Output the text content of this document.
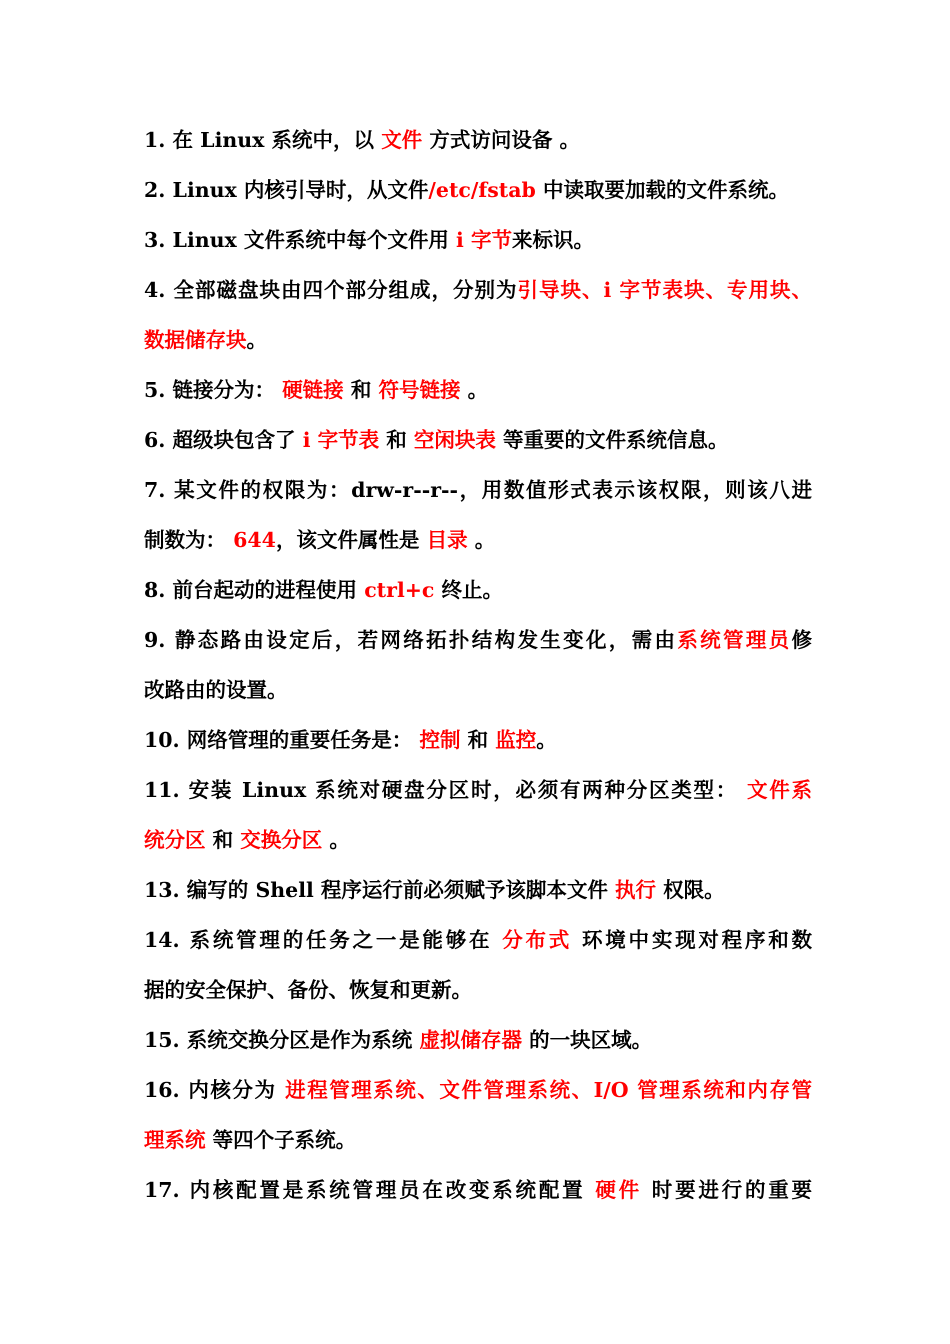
1. 在 Linux 系统中，以 文件 方式访问设备 。
2. Linux 内核引导时，从文件/etc/fstab 中读取要加载的文件系统。
3. Linux 文件系统中每个文件用 i 字节来标识。
4. 全部磁盘块由四个部分组成，分别为引导块、i 字节表块、专用块、
数据储存块。
5. 链接分为： 硬链接 和 符号链接 。
6. 超级块包含了 i 字节表 和 空闲块表 等重要的文件系统信息。
7. 某文件的权限为：drw-r--r--，用数值形式表示该权限，则该八进
制数为： 644，该文件属性是 目录 。
8. 前台起动的进程使用 ctrl+c 终止。
9. 静态路由设定后，若网络拓扑结构发生变化，需由系统管理员修
改路由的设置。
10. 网络管理的重要任务是： 控制 和 监控。
11. 安装 Linux 系统对硬盘分区时，必须有两种分区类型： 文件系
统分区 和 交换分区 。
13. 编写的 Shell 程序运行前必须赋予该脚本文件 执行 权限。
14. 系统管理的任务之一是能够在 分布式 环境中实现对程序和数
据的安全保护、备份、恢复和更新。
15. 系统交换分区是作为系统 虚拟储存器 的一块区域。
16. 内核分为 进程管理系统、文件管理系统、I/O 管理系统和内存管
理系统 等四个子系统。
17. 内核配置是系统管理员在改变系统配置 硬件 时要进行的重要
